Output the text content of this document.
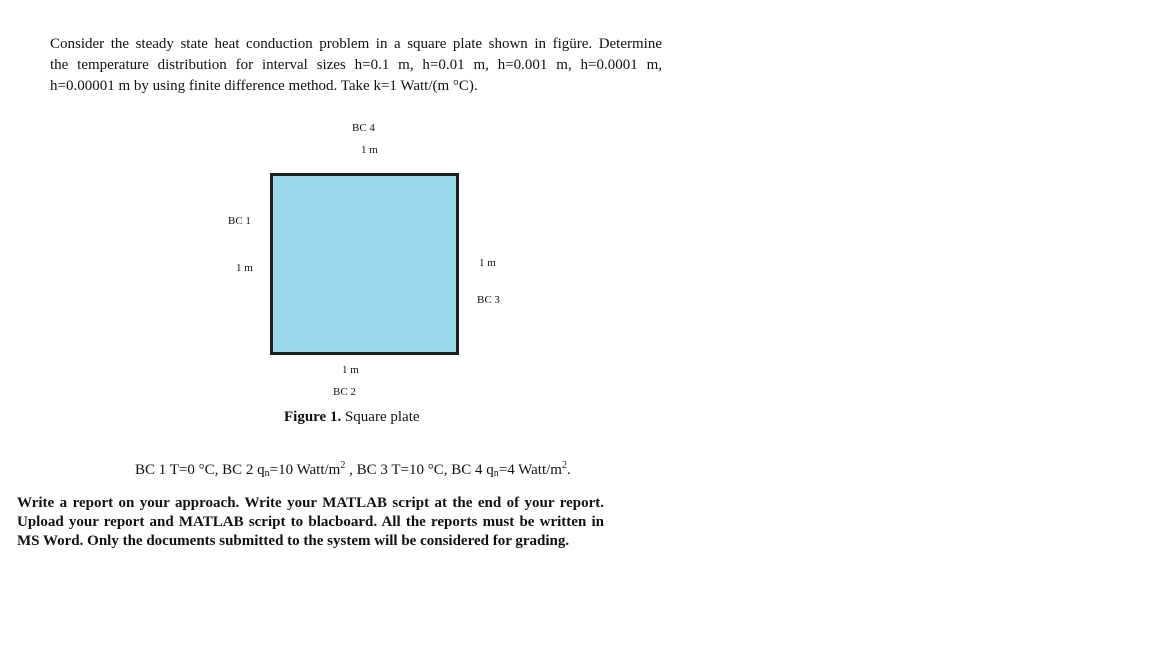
Consider the steady state heat conduction problem in a square plate shown in figüre. Determine
the temperature distribution for interval sizes h=0.1 m, h=0.01 m, h=0.001 m, h=0.0001 m,
h=0.00001 m by using finite difference method. Take k=1 Watt/(m °C).
BC 4
1 m
BC 1
1 m	1 m
BC 3
1 m
BC 2
Figure 1. Square plate
BC 1 T=0 °C, BC 2 $q_n=10$ Watt/$m^2$ , BC 3 T=10 °C, BC 4 $q_n=4$ Watt/$m^2$.
Write a report on your approach. Write your MATLAB script at the end of your report. Upload your report and MATLAB script to blacboard. All the reports must be written in MS Word. Only the documents submitted to the system will be considered for grading.
